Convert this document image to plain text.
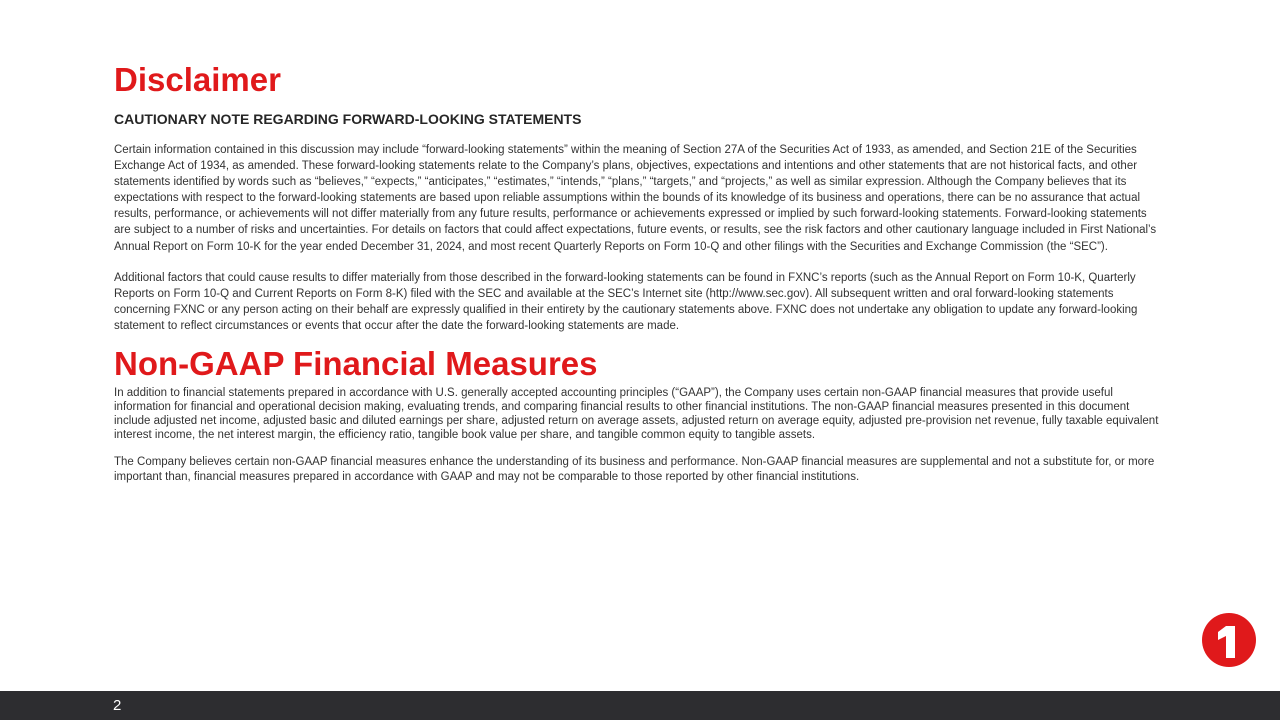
Disclaimer
CAUTIONARY NOTE REGARDING FORWARD-LOOKING STATEMENTS

Certain information contained in this discussion may include “forward-looking statements” within the meaning of Section 27A of the Securities Act of 1933, as amended, and Section 21E of the Securities Exchange Act of 1934, as amended. These forward-looking statements relate to the Company’s plans, objectives, expectations and intentions and other statements that are not historical facts, and other statements identified by words such as “believes,” “expects,” “anticipates,” “estimates,” “intends,” “plans,” “targets,” and “projects,” as well as similar expression. Although the Company believes that its expectations with respect to the forward-looking statements are based upon reliable assumptions within the bounds of its knowledge of its business and operations, there can be no assurance that actual results, performance, or achievements will not differ materially from any future results, performance or achievements expressed or implied by such forward-looking statements. Forward-looking statements are subject to a number of risks and uncertainties. For details on factors that could affect expectations, future events, or results, see the risk factors and other cautionary language included in First National’s Annual Report on Form 10-K for the year ended December 31, 2024, and most recent Quarterly Reports on Form 10-Q and other filings with the Securities and Exchange Commission (the “SEC”).

Additional factors that could cause results to differ materially from those described in the forward-looking statements can be found in FXNC’s reports (such as the Annual Report on Form 10-K, Quarterly Reports on Form 10-Q and Current Reports on Form 8-K) filed with the SEC and available at the SEC’s Internet site (http://www.sec.gov). All subsequent written and oral forward-looking statements concerning FXNC or any person acting on their behalf are expressly qualified in their entirety by the cautionary statements above. FXNC does not undertake any obligation to update any forward-looking statement to reflect circumstances or events that occur after the date the forward-looking statements are made.

Non-GAAP Financial Measures

In addition to financial statements prepared in accordance with U.S. generally accepted accounting principles (“GAAP”), the Company uses certain non-GAAP financial measures that provide useful information for financial and operational decision making, evaluating trends, and comparing financial results to other financial institutions. The non-GAAP financial measures presented in this document include adjusted net income, adjusted basic and diluted earnings per share, adjusted return on average assets, adjusted return on average equity, adjusted pre-provision net revenue, fully taxable equivalent interest income, the net interest margin, the efficiency ratio, tangible book value per share, and tangible common equity to tangible assets.

The Company believes certain non-GAAP financial measures enhance the understanding of its business and performance. Non-GAAP financial measures are supplemental and not a substitute for, or more important than, financial measures prepared in accordance with GAAP and may not be comparable to those reported by other financial institutions.

2
